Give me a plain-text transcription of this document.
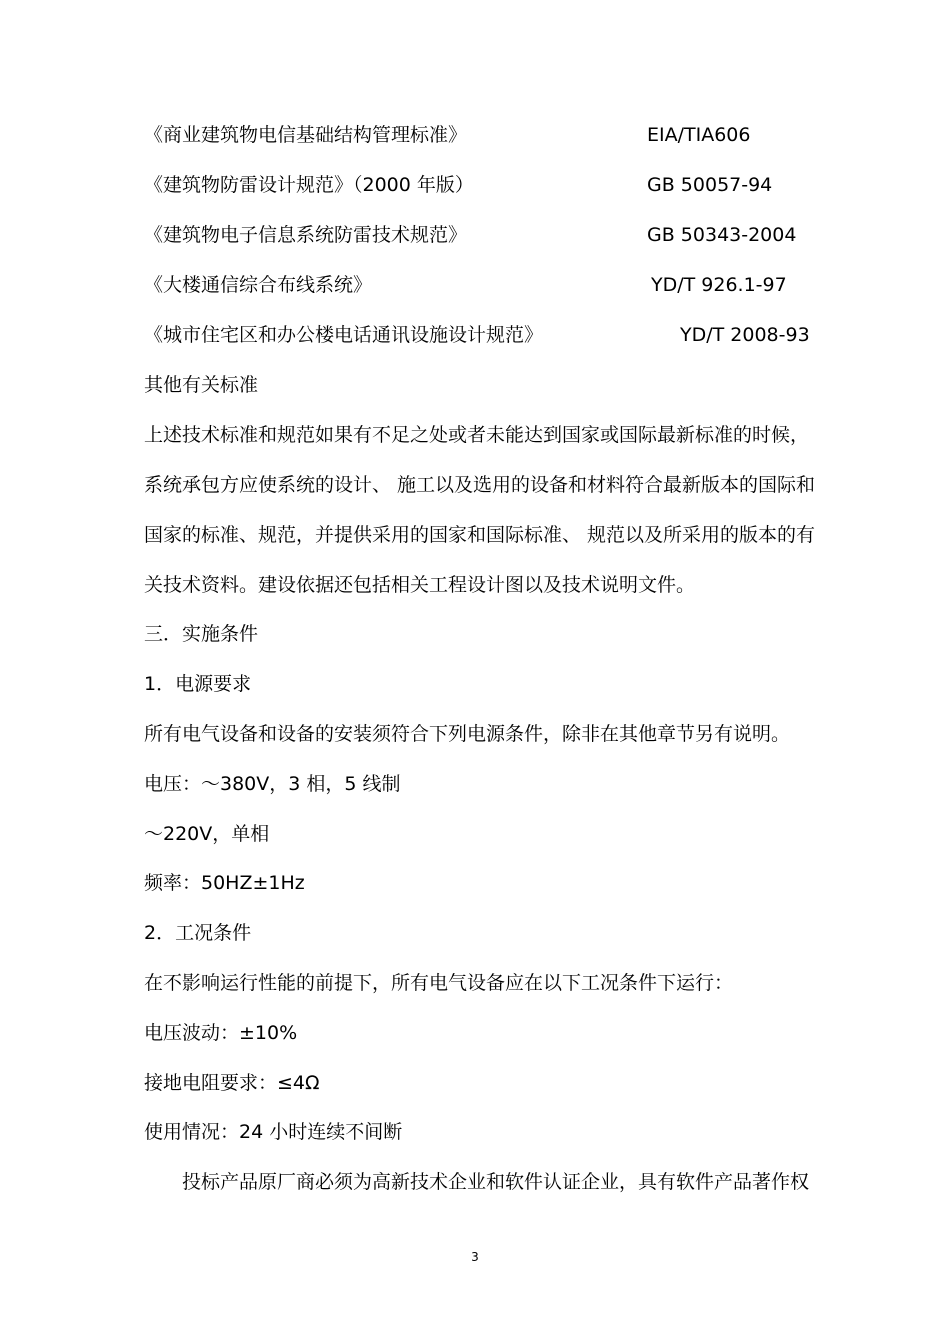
《商业建筑物电信基础结构管理标准》	EIA/TIA606
《建筑物防雷设计规范》（2000 年版）	GB 50057-94
《建筑物电子信息系统防雷技术规范》	GB 50343-2004
《大楼通信综合布线系统》	YD/T 926.1-97
《城市住宅区和办公楼电话通讯设施设计规范》	YD/T 2008-93
其他有关标准
上述技术标准和规范如果有不足之处或者未能达到国家或国际最新标准的时候，
系统承包方应使系统的设计、 施工以及选用的设备和材料符合最新版本的国际和
国家的标准、规范，并提供采用的国家和国际标准、 规范以及所采用的版本的有
关技术资料。建设依据还包括相关工程设计图以及技术说明文件。
三．实施条件
1．电源要求
所有电气设备和设备的安装须符合下列电源条件，除非在其他章节另有说明。
电压：～380V，3 相，5 线制
～220V，单相
频率：50HZ±1Hz
2．工况条件
在不影响运行性能的前提下，所有电气设备应在以下工况条件下运行：
电压波动：±10%
接地电阻要求：≤4Ω
使用情况：24 小时连续不间断
投标产品原厂商必须为高新技术企业和软件认证企业，具有软件产品著作权
3
